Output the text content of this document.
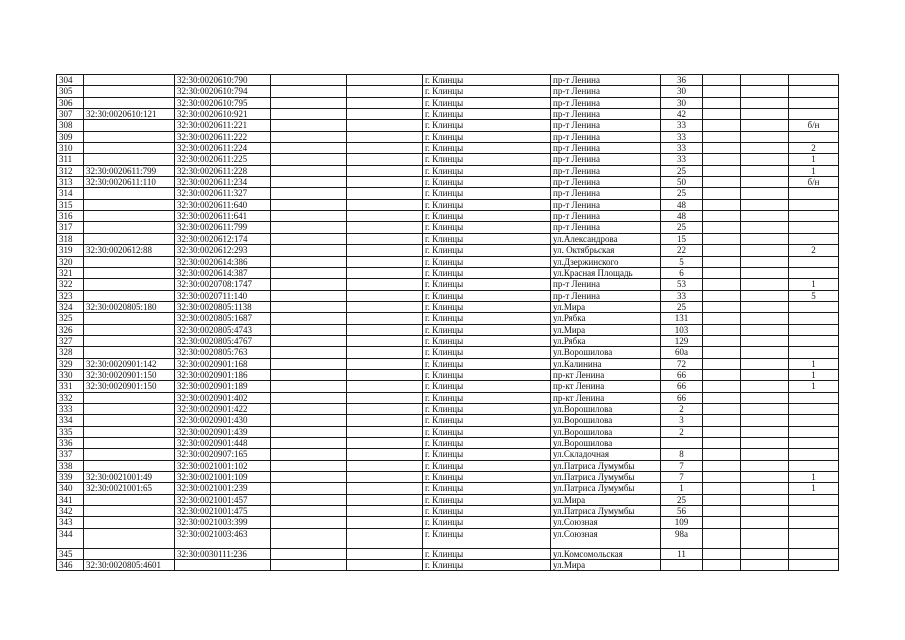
304		32:30:0020610:790			г. Клинцы	пр-т Ленина	36			
305		32:30:0020610:794			г. Клинцы	пр-т Ленина	30			
306		32:30:0020610:795			г. Клинцы	пр-т Ленина	30			
307	32:30:0020610:121	32:30:0020610:921			г. Клинцы	пр-т Ленина	42			
308		32:30:0020611:221			г. Клинцы	пр-т Ленина	33			б/н
309		32:30:0020611:222			г. Клинцы	пр-т Ленина	33			
310		32:30:0020611:224			г. Клинцы	пр-т Ленина	33			2
311		32:30:0020611:225			г. Клинцы	пр-т Ленина	33			1
312	32:30:0020611:799	32:30:0020611:228			г. Клинцы	пр-т Ленина	25			1
313	32:30:0020611:110	32:30:0020611:234			г. Клинцы	пр-т Ленина	50			б/н
314		32:30:0020611:327			г. Клинцы	пр-т Ленина	25			
315		32:30:0020611:640			г. Клинцы	пр-т Ленина	48			
316		32:30:0020611:641			г. Клинцы	пр-т Ленина	48			
317		32:30:0020611:799			г. Клинцы	пр-т Ленина	25			
318		32:30:0020612:174			г. Клинцы	ул.Александрова	15			
319	32:30:0020612:88	32:30:0020612:293			г. Клинцы	ул. Октябрьская	22			2
320		32:30:0020614:386			г. Клинцы	ул.Дзержинского	5			
321		32:30:0020614:387			г. Клинцы	ул.Красная Площадь	6			
322		32:30:0020708:1747			г. Клинцы	пр-т Ленина	53			1
323		32:30:0020711:140			г. Клинцы	пр-т Ленина	33			5
324	32:30:0020805:180	32:30:0020805:1138			г. Клинцы	ул.Мира	25			
325		32:30:0020805:1687			г. Клинцы	ул.Рябка	131			
326		32:30:0020805:4743			г. Клинцы	ул.Мира	103			
327		32:30:0020805:4767			г. Клинцы	ул.Рябка	129			
328		32:30:0020805:763			г. Клинцы	ул.Ворошилова	60а			
329	32:30:0020901:142	32:30:0020901:168			г. Клинцы	ул.Калинина	72			1
330	32:30:0020901:150	32:30:0020901:186			г. Клинцы	пр-кт Ленина	66			1
331	32:30:0020901:150	32:30:0020901:189			г. Клинцы	пр-кт Ленина	66			1
332		32:30:0020901:402			г. Клинцы	пр-кт Ленина	66			
333		32:30:0020901:422			г. Клинцы	ул.Ворошилова	2			
334		32:30:0020901:430			г. Клинцы	ул.Ворошилова	3			
335		32:30:0020901:439			г. Клинцы	ул.Ворошилова	2			
336		32:30:0020901:448			г. Клинцы	ул.Ворошилова				
337		32:30:0020907:165			г. Клинцы	ул.Складочная	8			
338		32:30:0021001:102			г. Клинцы	ул.Патриса Лумумбы	7			
339	32:30:0021001:49	32:30:0021001:109			г. Клинцы	ул.Патриса Лумумбы	7			1
340	32:30:0021001:65	32:30:0021001:239			г. Клинцы	ул.Патриса Лумумбы	1			1
341		32:30:0021001:457			г. Клинцы	ул.Мира	25			
342		32:30:0021001:475			г. Клинцы	ул.Патриса Лумумбы	56			
343		32:30:0021003:399			г. Клинцы	ул.Союзная	109			
344		32:30:0021003:463			г. Клинцы	ул.Союзная	98а			
345		32:30:0030111:236			г. Клинцы	ул.Комсомольская	11			
346	32:30:0020805:4601				г. Клинцы	ул.Мира				
